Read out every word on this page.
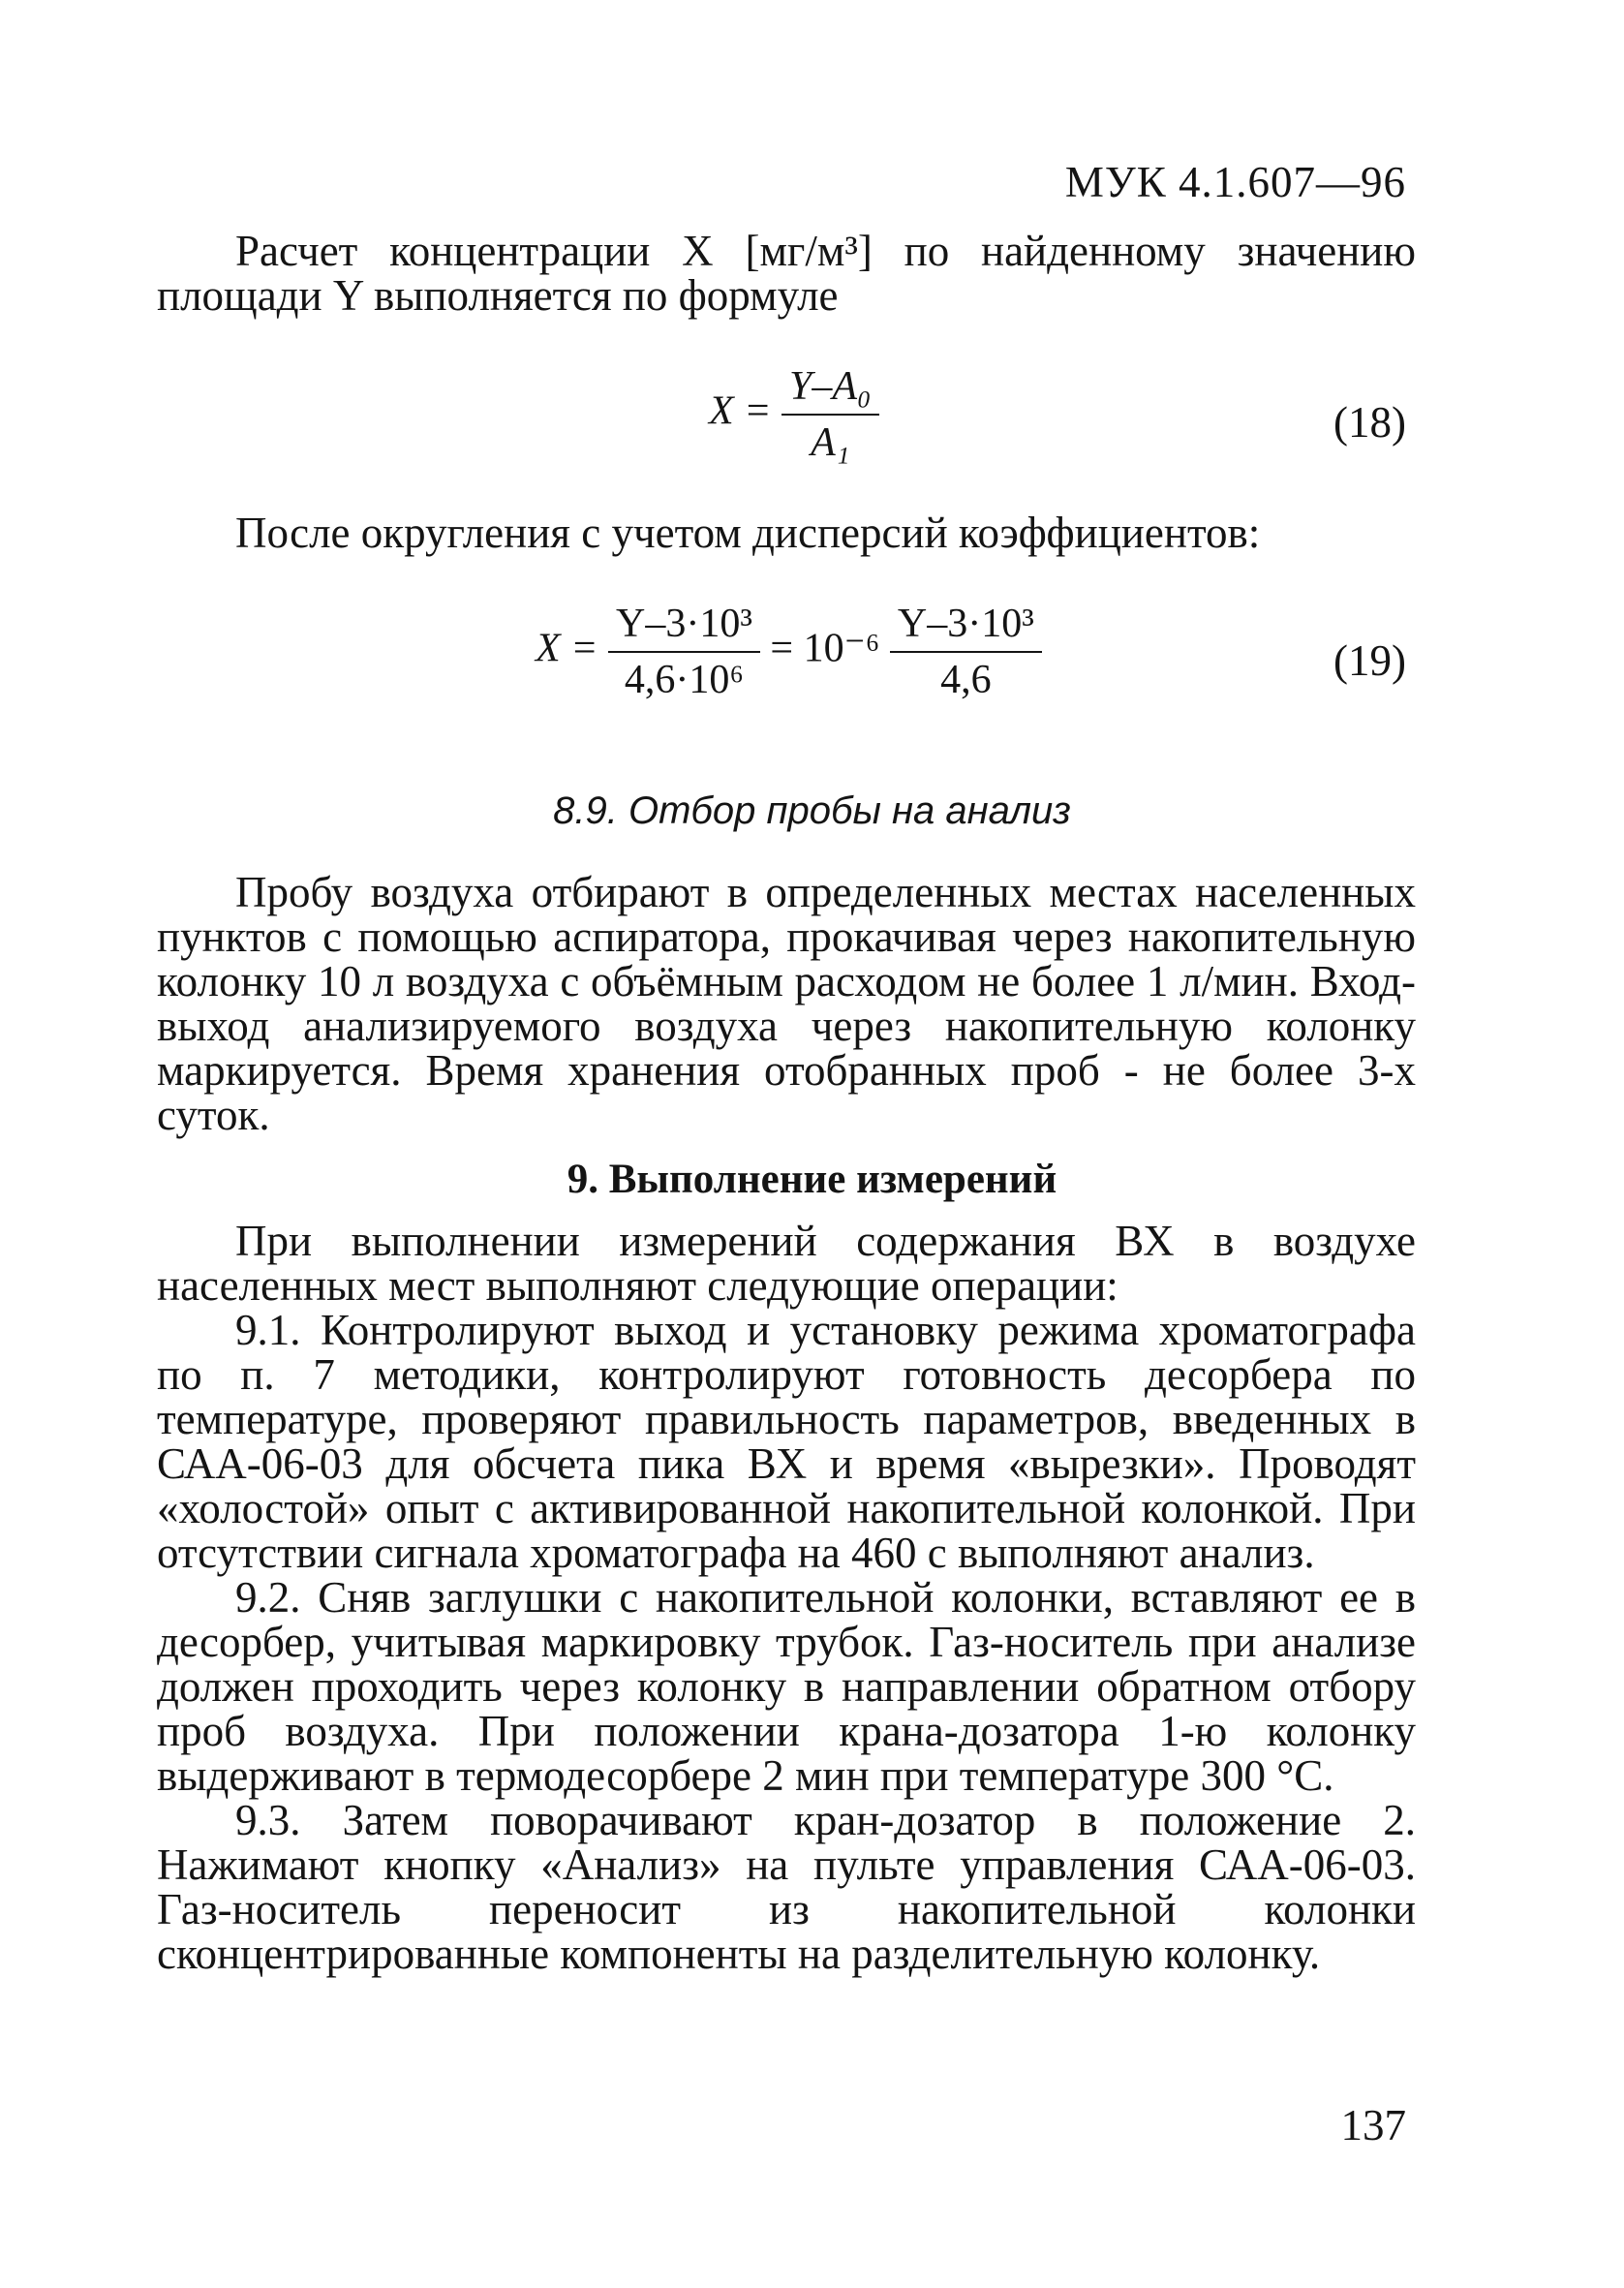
МУК 4.1.607—96

Расчет концентрации X [мг/м³] по найденному значению площади Y выполняется по формуле

$X = \frac{\text{Y–A₀}}{\text{A₁}}$	(18)

После округления с учетом дисперсий коэффициентов:

$X = \frac{\text{Y–3·10³}}{\text{4,6·10⁶}} = 10^{-6} \frac{\text{Y–3·10³}}{4,6}$	(19)
8.9. Отбор пробы на анализ

Пробу воздуха отбирают в определенных местах населенных пунктов с помощью аспиратора, прокачивая через накопительную колонку 10 л воздуха с объёмным расходом не более 1 л/мин. Вход-выход анализируемого воздуха через накопительную колонку маркируется. Время хранения отобранных проб - не более 3-х суток.

9. Выполнение измерений

При выполнении измерений содержания ВХ в воздухе населенных мест выполняют следующие операции:

9.1. Контролируют выход и установку режима хроматографа по п. 7 методики, контролируют готовность десорбера по температуре, проверяют правильность параметров, введенных в САА-06-03 для обсчета пика ВХ и время «вырезки». Проводят «холостой» опыт с активированной накопительной колонкой. При отсутствии сигнала хроматографа на 460 с выполняют анализ.

9.2. Сняв заглушки с накопительной колонки, вставляют ее в десорбер, учитывая маркировку трубок. Газ-носитель при анализе должен проходить через колонку в направлении обратном отбору проб воздуха. При положении крана-дозатора 1-ю колонку выдерживают в термодесорбере 2 мин при температуре 300 °С.

9.3. Затем поворачивают кран-дозатор в положение 2. Нажимают кнопку «Анализ» на пульте управления САА-06-03. Газ-носитель переносит из накопительной колонки сконцентрированные компоненты на разделительную колонку.

137
